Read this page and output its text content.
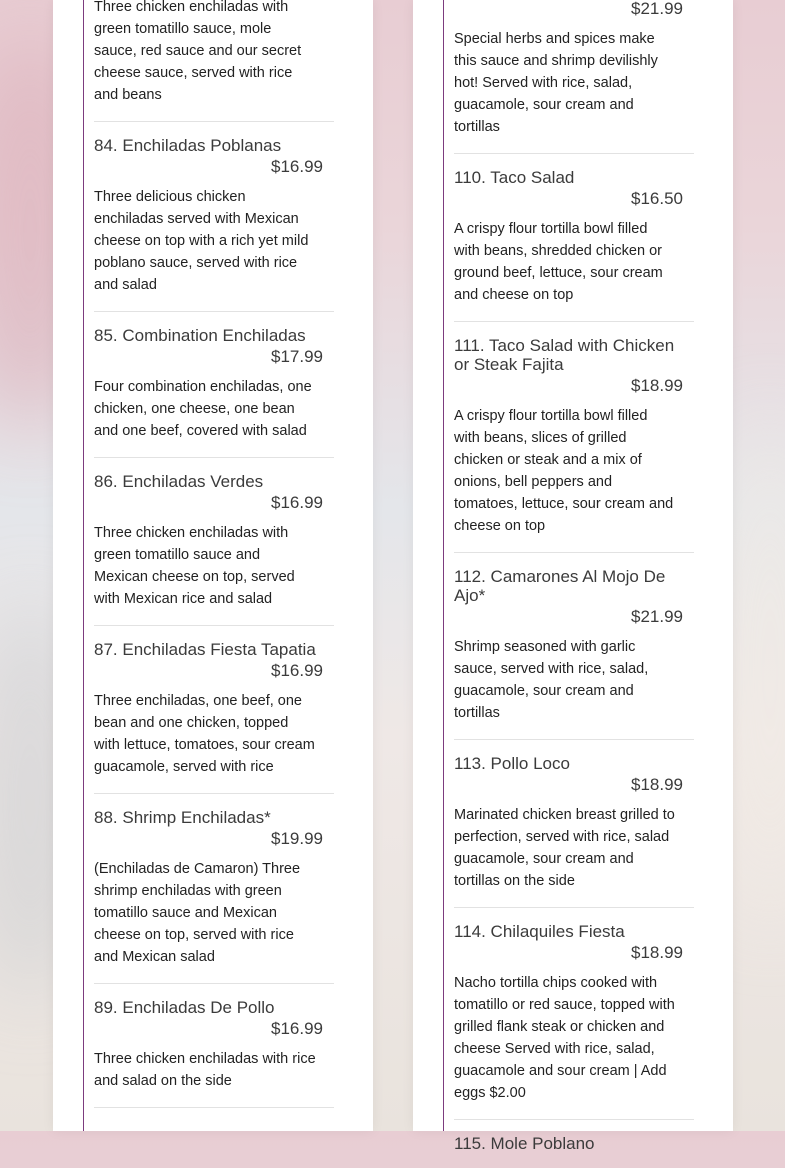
Three chicken enchiladas with green tomatillo sauce, mole sauce, red sauce and our secret cheese sauce, served with rice and beans
84. Enchiladas Poblanas
$16.99
Three delicious chicken enchiladas served with Mexican cheese on top with a rich yet mild poblano sauce, served with rice and salad
85. Combination Enchiladas
$17.99
Four combination enchiladas, one chicken, one cheese, one bean and one beef, covered with salad
86. Enchiladas Verdes
$16.99
Three chicken enchiladas with green tomatillo sauce and Mexican cheese on top, served with Mexican rice and salad
87. Enchiladas Fiesta Tapatia
$16.99
Three enchiladas, one beef, one bean and one chicken, topped with lettuce, tomatoes, sour cream guacamole, served with rice
88. Shrimp Enchiladas*
$19.99
(Enchiladas de Camaron) Three shrimp enchiladas with green tomatillo sauce and Mexican cheese on top, served with rice and Mexican salad
89. Enchiladas De Pollo
$16.99
Three chicken enchiladas with rice and salad on the side
$21.99
Special herbs and spices make this sauce and shrimp devilishly hot! Served with rice, salad, guacamole, sour cream and tortillas
110. Taco Salad
$16.50
A crispy flour tortilla bowl filled with beans, shredded chicken or ground beef, lettuce, sour cream and cheese on top
111. Taco Salad with Chicken or Steak Fajita
$18.99
A crispy flour tortilla bowl filled with beans, slices of grilled chicken or steak and a mix of onions, bell peppers and tomatoes, lettuce, sour cream and cheese on top
112. Camarones Al Mojo De Ajo*
$21.99
Shrimp seasoned with garlic sauce, served with rice, salad, guacamole, sour cream and tortillas
113. Pollo Loco
$18.99
Marinated chicken breast grilled to perfection, served with rice, salad guacamole, sour cream and tortillas on the side
114. Chilaquiles Fiesta
$18.99
Nacho tortilla chips cooked with tomatillo or red sauce, topped with grilled flank steak or chicken and cheese Served with rice, salad, guacamole and sour cream | Add eggs $2.00
115. Mole Poblano
